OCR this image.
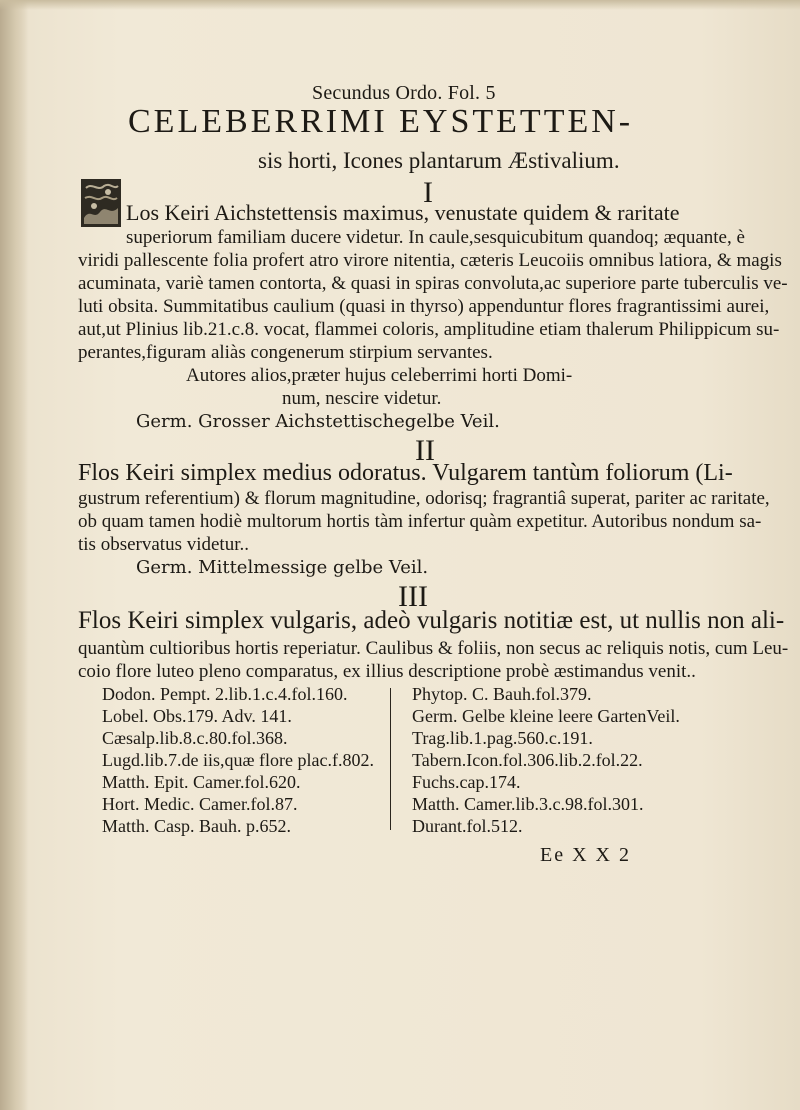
Secundus Ordo. Fol. 5
CELEBERRIMI EYSTETTEN-
sis horti, Icones plantarum Æstivalium.
I
Los Keiri Aichstettensis maximus, venustate quidem & raritate
superiorum familiam ducere videtur. In caule,sesquicubitum quandoq; æquante, è
viridi pallescente folia profert atro virore nitentia, cæteris Leucoiis omnibus latiora, & magis
acuminata, variè tamen contorta, & quasi in spiras convoluta,ac superiore parte tuberculis ve-
luti obsita. Summitatibus caulium (quasi in thyrso) appenduntur flores fragrantissimi aurei,
aut,ut Plinius lib.21.c.8. vocat, flammei coloris, amplitudine etiam thalerum Philippicum su-
perantes,figuram aliàs congenerum stirpium servantes.
Autores alios,præter hujus celeberrimi horti Domi-
num, nescire videtur.
Germ. Grosser Aichstettischegelbe Veil.
II
Flos Keiri simplex medius odoratus. Vulgarem tantùm foliorum (Li-
gustrum referentium) & florum magnitudine, odorisq; fragrantiâ superat, pariter ac raritate,
ob quam tamen hodiè multorum hortis tàm infertur quàm expetitur. Autoribus nondum sa-
tis observatus videtur..
Germ. Mittelmessige gelbe Veil.
III
Flos Keiri simplex vulgaris, adeò vulgaris notitiæ est, ut nullis non ali-
quantùm cultioribus hortis reperiatur. Caulibus & foliis, non secus ac reliquis notis, cum Leu-
coio flore luteo pleno comparatus, ex illius descriptione probè æstimandus venit..
Dodon. Pempt. 2.lib.1.c.4.fol.160.
Lobel. Obs.179. Adv. 141.
Cæsalp.lib.8.c.80.fol.368.
Lugd.lib.7.de iis,quæ flore plac.f.802.
Matth. Epit. Camer.fol.620.
Hort. Medic. Camer.fol.87.
Matth. Casp. Bauh. p.652.
Phytop. C. Bauh.fol.379.
Germ. Gelbe kleine leere GartenVeil.
Trag.lib.1.pag.560.c.191.
Tabern.Icon.fol.306.lib.2.fol.22.
Fuchs.cap.174.
Matth. Camer.lib.3.c.98.fol.301.
Durant.fol.512.
Ee X X 2
